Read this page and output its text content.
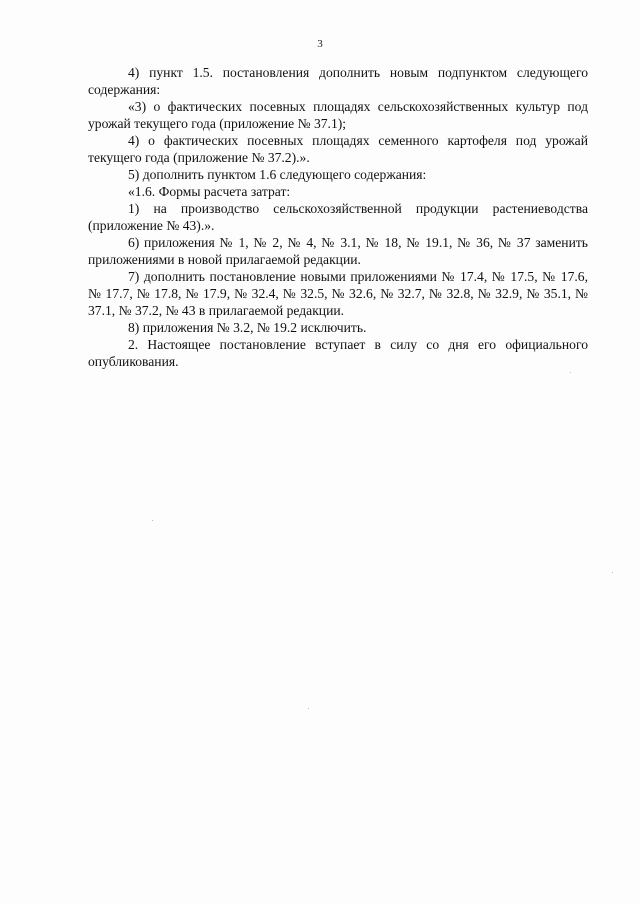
3

4) пункт 1.5. постановления дополнить новым подпунктом следующего содержания:

«3) о фактических посевных площадях сельскохозяйственных культур под урожай текущего года (приложение № 37.1);

4) о фактических посевных площадях семенного картофеля под урожай текущего года (приложение № 37.2).».

5) дополнить пунктом 1.6 следующего содержания:

«1.6. Формы расчета затрат:

1) на производство сельскохозяйственной продукции растениеводства (приложение № 43).».

6) приложения № 1, № 2, № 4, № 3.1, № 18, № 19.1, № 36, № 37 заменить приложениями в новой прилагаемой редакции.

7) дополнить постановление новыми приложениями № 17.4, № 17.5, № 17.6, № 17.7, № 17.8, № 17.9, № 32.4, № 32.5, № 32.6, № 32.7, № 32.8, № 32.9, № 35.1, № 37.1, № 37.2, № 43 в прилагаемой редакции.

8) приложения № 3.2, № 19.2 исключить.

2. Настоящее постановление вступает в силу со дня его официального опубликования.
